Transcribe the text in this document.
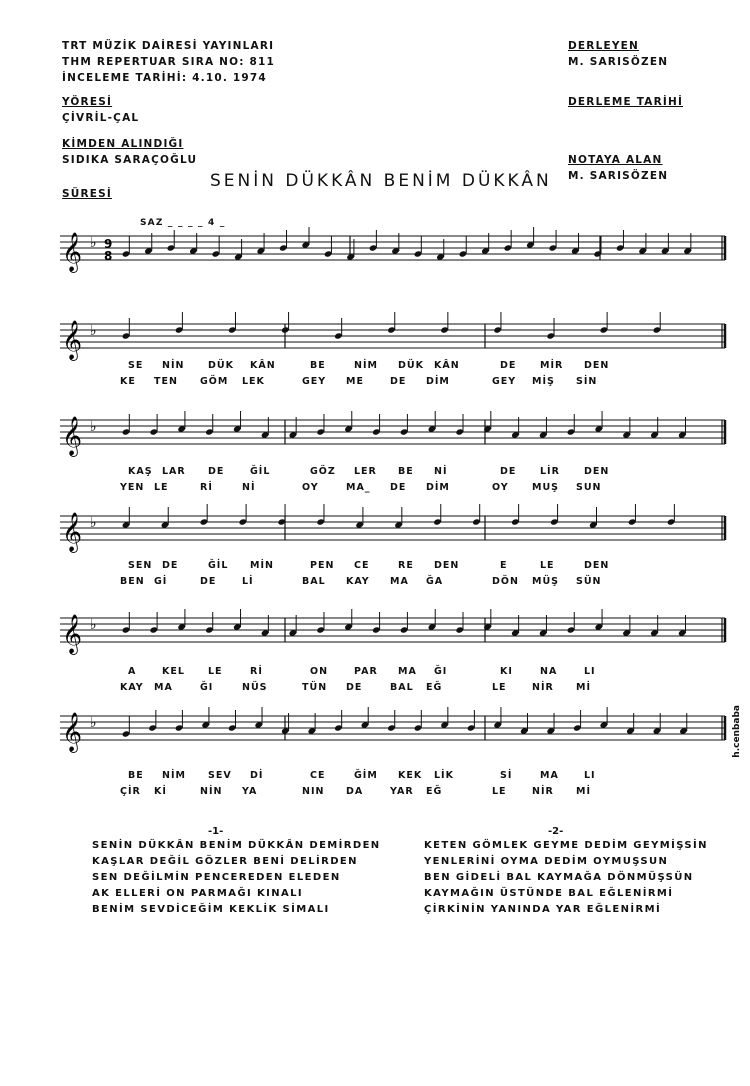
TRT MÜZİK DAİRESİ YAYINLARI
THM REPERTUAR SIRA NO: 811
İNCELEME TARİHİ: 4.10. 1974
DERLEYEN
M. SARISÖZEN
YÖRESİ
ÇİVRİL-ÇAL
DERLEME TARİHİ
KİMDEN ALINDIĞI
SIDIKA SARAÇOĞLU	NOTAYA ALAN
M. SARISÖZEN
SÜRESİ
SENİN DÜKKÂN BENİM DÜKKÂN
SAZ _ _ _ _ 4 _
𝄞 ♭ 9
8
𝄞 ♭
𝄞 ♭
𝄞 ♭
𝄞 ♭
𝄞 ♭
-1-
SENİN DÜKKÂN BENİM DÜKKÂN DEMİRDEN
KAŞLAR DEĞİL GÖZLER BENİ DELİRDEN
SEN DEĞİLMİN PENCEREDEN ELEDEN
AK ELLERİ ON PARMAĞI KINALI
BENİM SEVDİCEĞİM KEKLİK SİMALI
-2-
KETEN GÖMLEK GEYME DEDİM GEYMİŞSİN
YENLERİNİ OYMA DEDİM OYMUŞSUN
BEN GİDELİ BAL KAYMAĞA DÖNMÜŞSÜN
KAYMAĞIN ÜSTÜNDE BAL EĞLENİRMİ
ÇİRKİNİN YANINDA YAR EĞLENİRMİ
h.cenbaba
SE NİN DÜK KÂN	BE	NİM DÜK KÂN	DE MİR DEN
KE TEN GÖM LEK	GEY ME	DE DİM	GEY MİŞ SİN
KAŞ LAR DE	ĞİL	GÖZ LER BE Nİ	DE LİR	DEN
YEN LE	Rİ	Nİ	OY	MA_ DE DİM	OY MUŞ SUN
SEN DE	ĞİL MİN	PEN CE	RE DEN	E	LE	DEN
BEN Gİ	DE	Lİ	BAL KAY MA ĞA	DÖN MÜŞ SÜN
A	KEL LE	Rİ	ON	PAR MA ĞI	KI	NA	LI
KAY MA	ĞI	NÜS	TÜN DE	BAL EĞ	LE	NİR Mİ
BE NİM SEV Dİ	CE	ĞİM KEK LİK	Sİ	MA	LI
ÇİR Kİ	NİN YA	NIN DA	YAR EĞ	LE	NİR Mİ
